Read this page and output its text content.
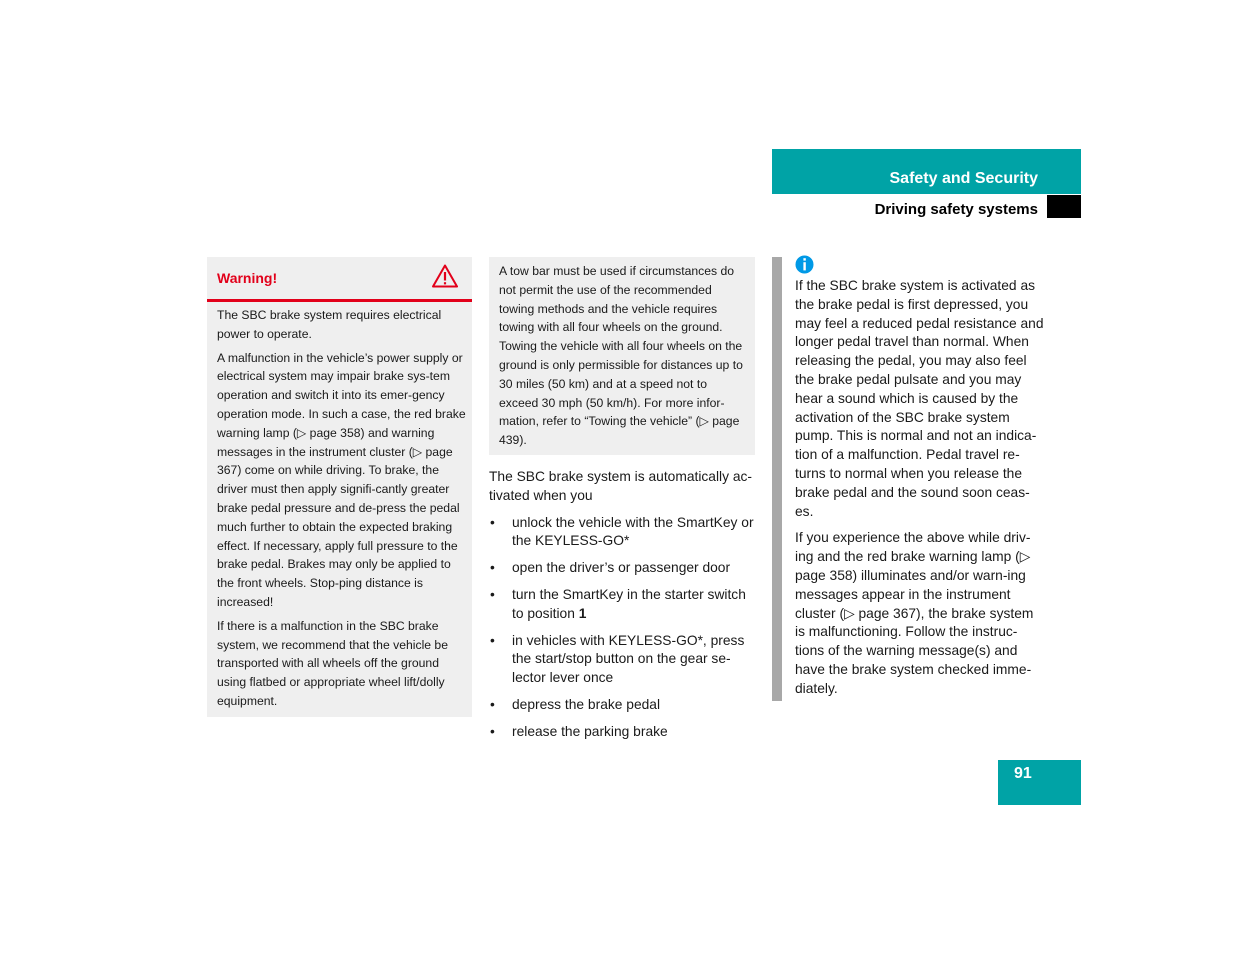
Safety and Security
Driving safety systems
Warning!

The SBC brake system requires electrical power to operate.

A malfunction in the vehicle’s power supply or electrical system may impair brake sys-tem operation and switch it into its emer-gency operation mode. In such a case, the red brake warning lamp (▷ page 358) and warning messages in the instrument cluster (▷ page 367) come on while driving. To brake, the driver must then apply signifi-cantly greater brake pedal pressure and de-press the pedal much further to obtain the expected braking effect. If necessary, apply full pressure to the brake pedal. Brakes may only be applied to the front wheels. Stop-ping distance is increased!

If there is a malfunction in the SBC brake system, we recommend that the vehicle be transported with all wheels off the ground using flatbed or appropriate wheel lift/dolly equipment.

A tow bar must be used if circumstances do not permit the use of the recommended towing methods and the vehicle requires towing with all four wheels on the ground. Towing the vehicle with all four wheels on the ground is only permissible for distances up to 30 miles (50 km) and at a speed not to exceed 30 mph (50 km/h). For more infor-mation, refer to “Towing the vehicle” (▷ page 439).

The SBC brake system is automatically ac-tivated when you

• unlock the vehicle with the SmartKey or the KEYLESS-GO*
• open the driver’s or passenger door
• turn the SmartKey in the starter switch to position 1
• in vehicles with KEYLESS-GO*, press the start/stop button on the gear se-lector lever once
• depress the brake pedal
• release the parking brake

If the SBC brake system is activated as the brake pedal is first depressed, you may feel a reduced pedal resistance and longer pedal travel than normal. When releasing the pedal, you may also feel the brake pedal pulsate and you may hear a sound which is caused by the activation of the SBC brake system pump. This is normal and not an indica-tion of a malfunction. Pedal travel re-turns to normal when you release the brake pedal and the sound soon ceas-es.

If you experience the above while driv-ing and the red brake warning lamp (▷ page 358) illuminates and/or warn-ing messages appear in the instrument cluster (▷ page 367), the brake system is malfunctioning. Follow the instruc-tions of the warning message(s) and have the brake system checked imme-diately.

91
